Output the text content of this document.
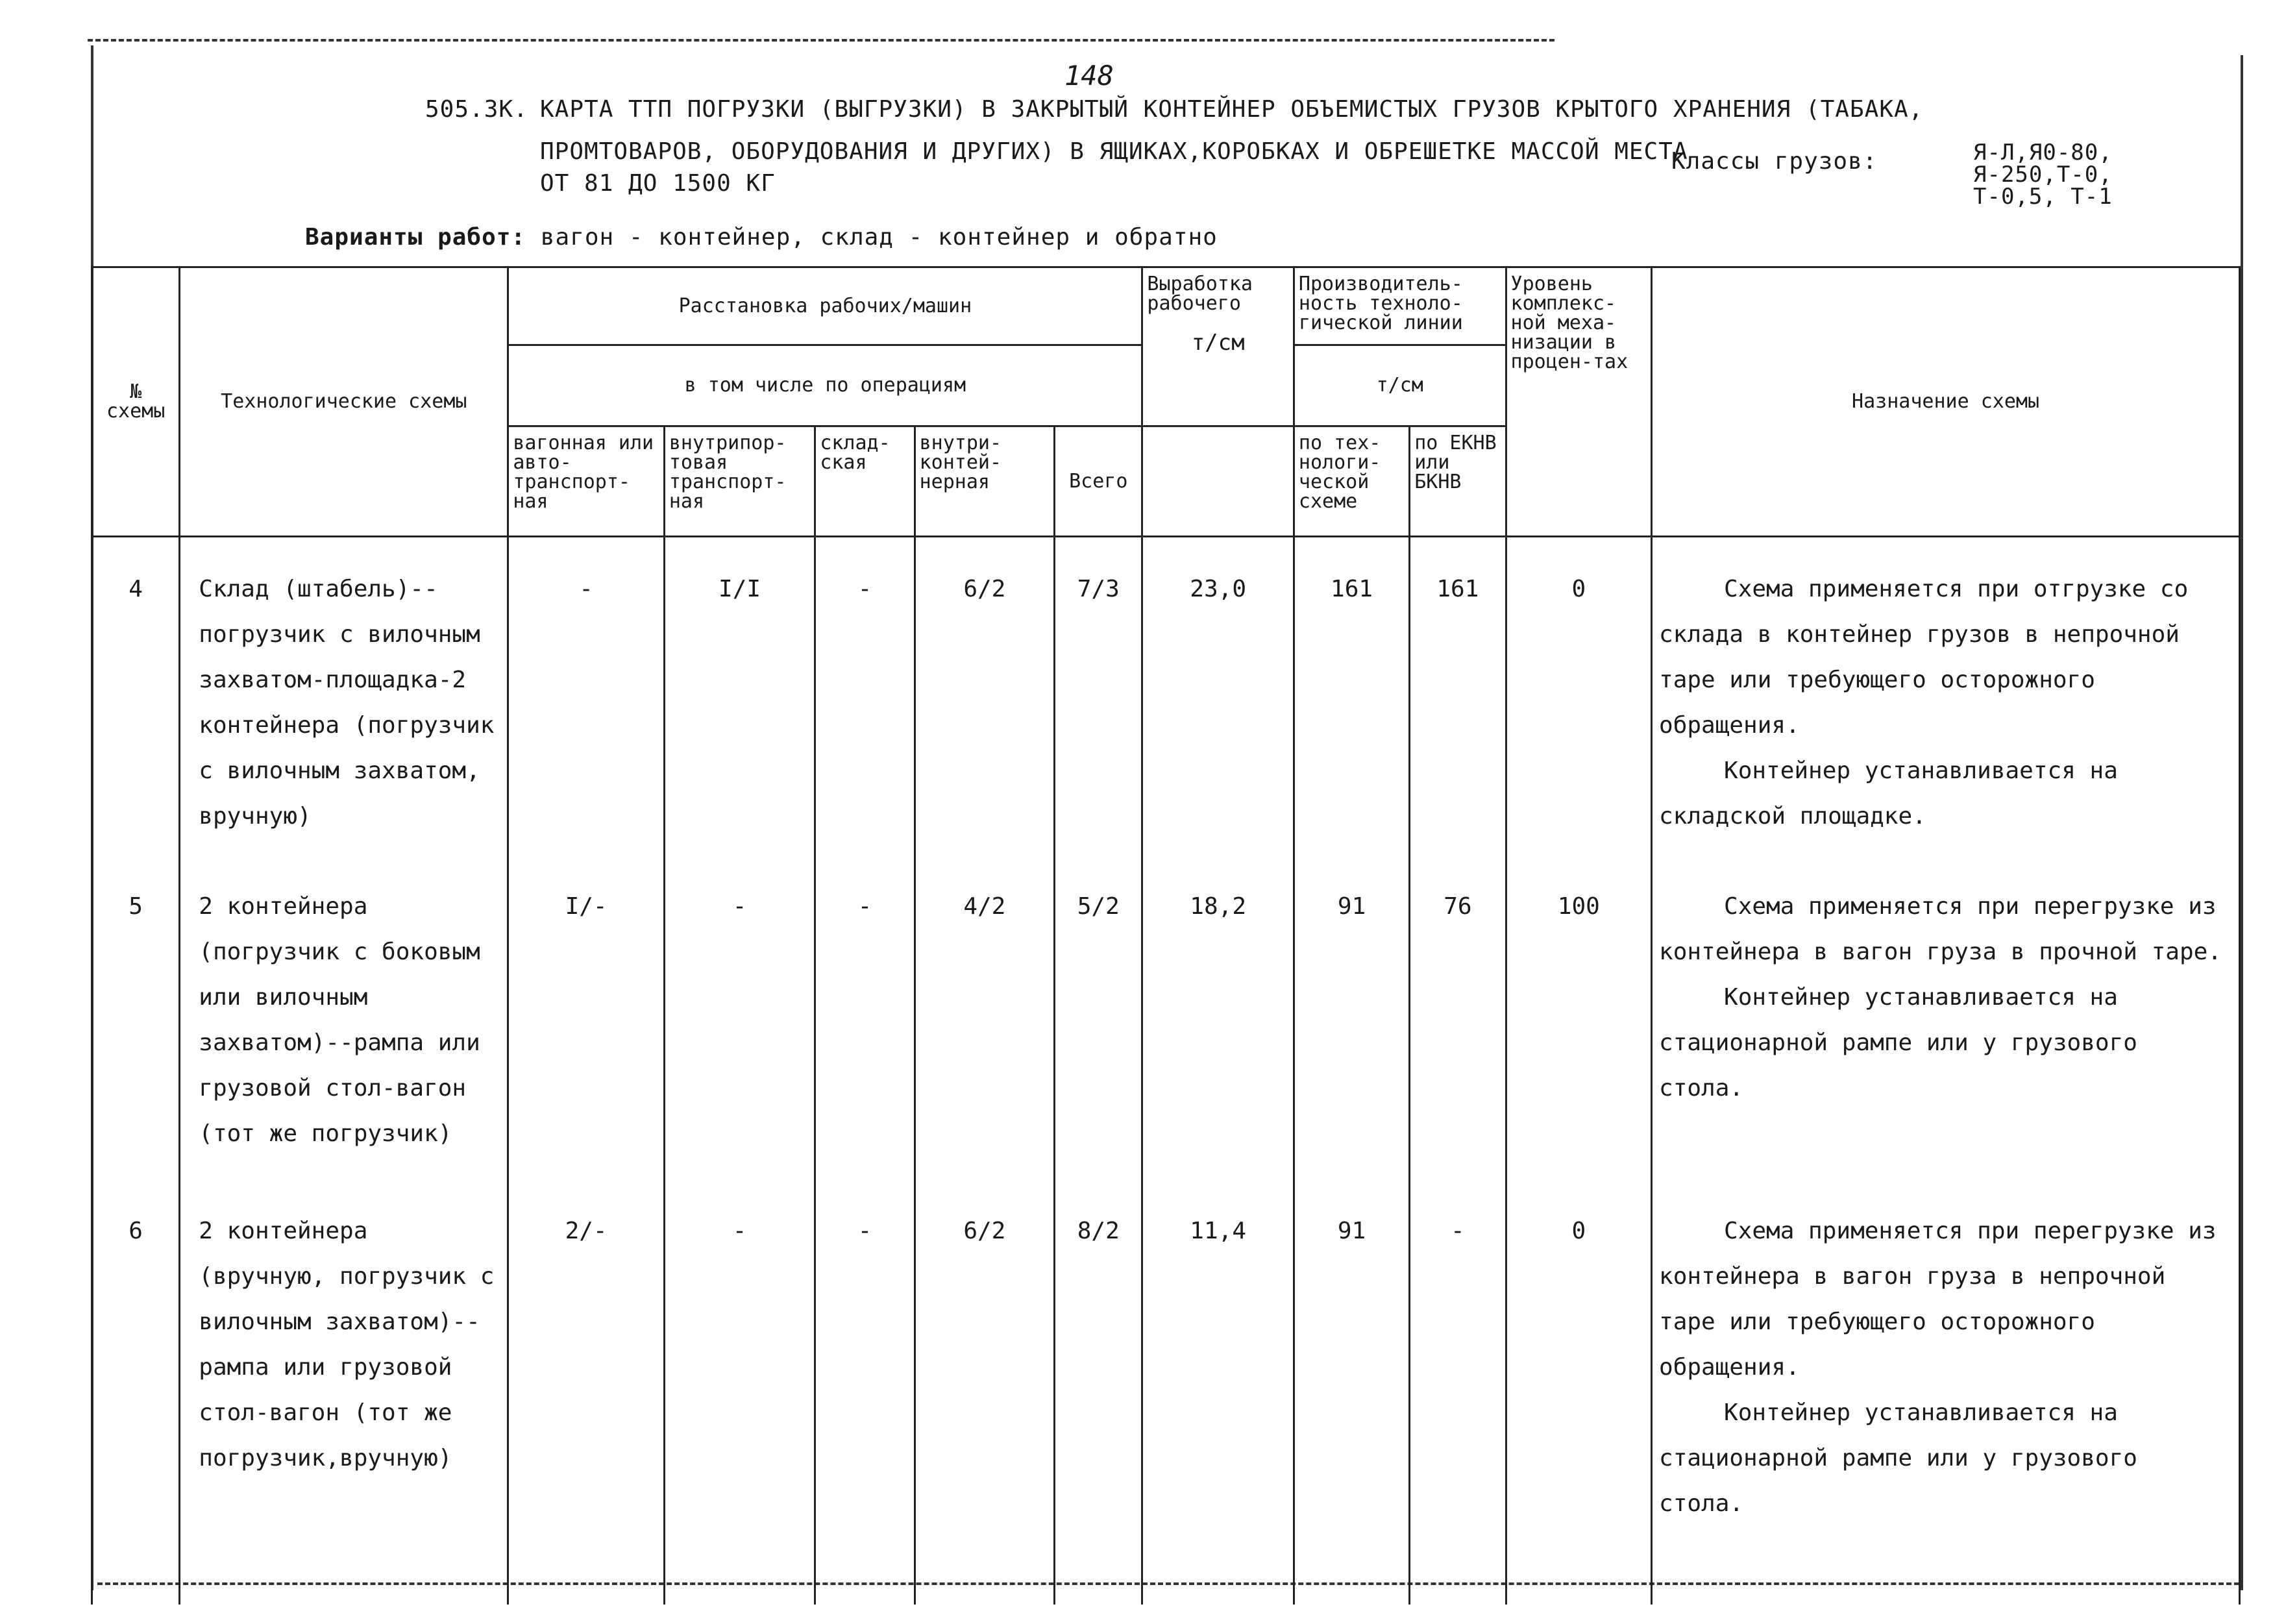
148
505.3К. КАРТА ТТП ПОГРУЗКИ (ВЫГРУЗКИ) В ЗАКРЫТЫЙ КОНТЕЙНЕР ОБЪЕМИСТЫХ ГРУЗОВ КРЫТОГО ХРАНЕНИЯ (ТАБАКА,
ПРОМТОВАРОВ, ОБОРУДОВАНИЯ И ДРУГИХ) В ЯЩИКАХ,КОРОБКАХ И ОБРЕШЕТКЕ МАССОЙ МЕСТА
ОТ 81 ДО 1500 КГ
Классы грузов:	Я-Л,Я0-80,
Я-250,Т-0,
Т-0,5, Т-1
Варианты работ: вагон - контейнер, склад - контейнер и обратно
№ схемы	Технологические схемы	Расстановка рабочих/машин					Выработка рабочего
т/см	Производитель-ность техноло-гической линии		Уровень комплекс-ной меха-низации в процен-тах	Назначение схемы
		в том числе по операциям						т/см			
		вагонная или авто-транспорт-ная	внутрипор-товая транспорт-ная	склад-ская	внутри-контей-нерная	Всего		по тех-нологи-ческой схеме	по ЕКНВ или БКНВ		
4	Склад (штабель)--погрузчик с вилочным захватом-площадка-2 контейнера (погрузчик с вилочным захватом, вручную)	-	I/I	-	6/2	7/3	23,0	161	161	0	Схема применяется при отгрузке со склада в контейнер грузов в непрочной таре или требующего осторожного обращения.

Контейнер устанавливается на складской площадке.

5	2 контейнера (погрузчик с боковым или вилочным захватом)--рампа или грузовой стол-вагон (тот же погрузчик)	I/-	-	-	4/2	5/2	18,2	91	76	100	Схема применяется при перегрузке из контейнера в вагон груза в прочной таре.

Контейнер устанавливается на стационарной рампе или у грузового стола.

6	2 контейнера (вручную, погрузчик с вилочным захватом)--рампа или грузовой стол-вагон (тот же погрузчик,вручную)	2/-	-	-	6/2	8/2	11,4	91	-	0	Схема применяется при перегрузке из контейнера в вагон груза в непрочной таре или требующего осторожного обращения.

Контейнер устанавливается на стационарной рампе или у грузового стола.
